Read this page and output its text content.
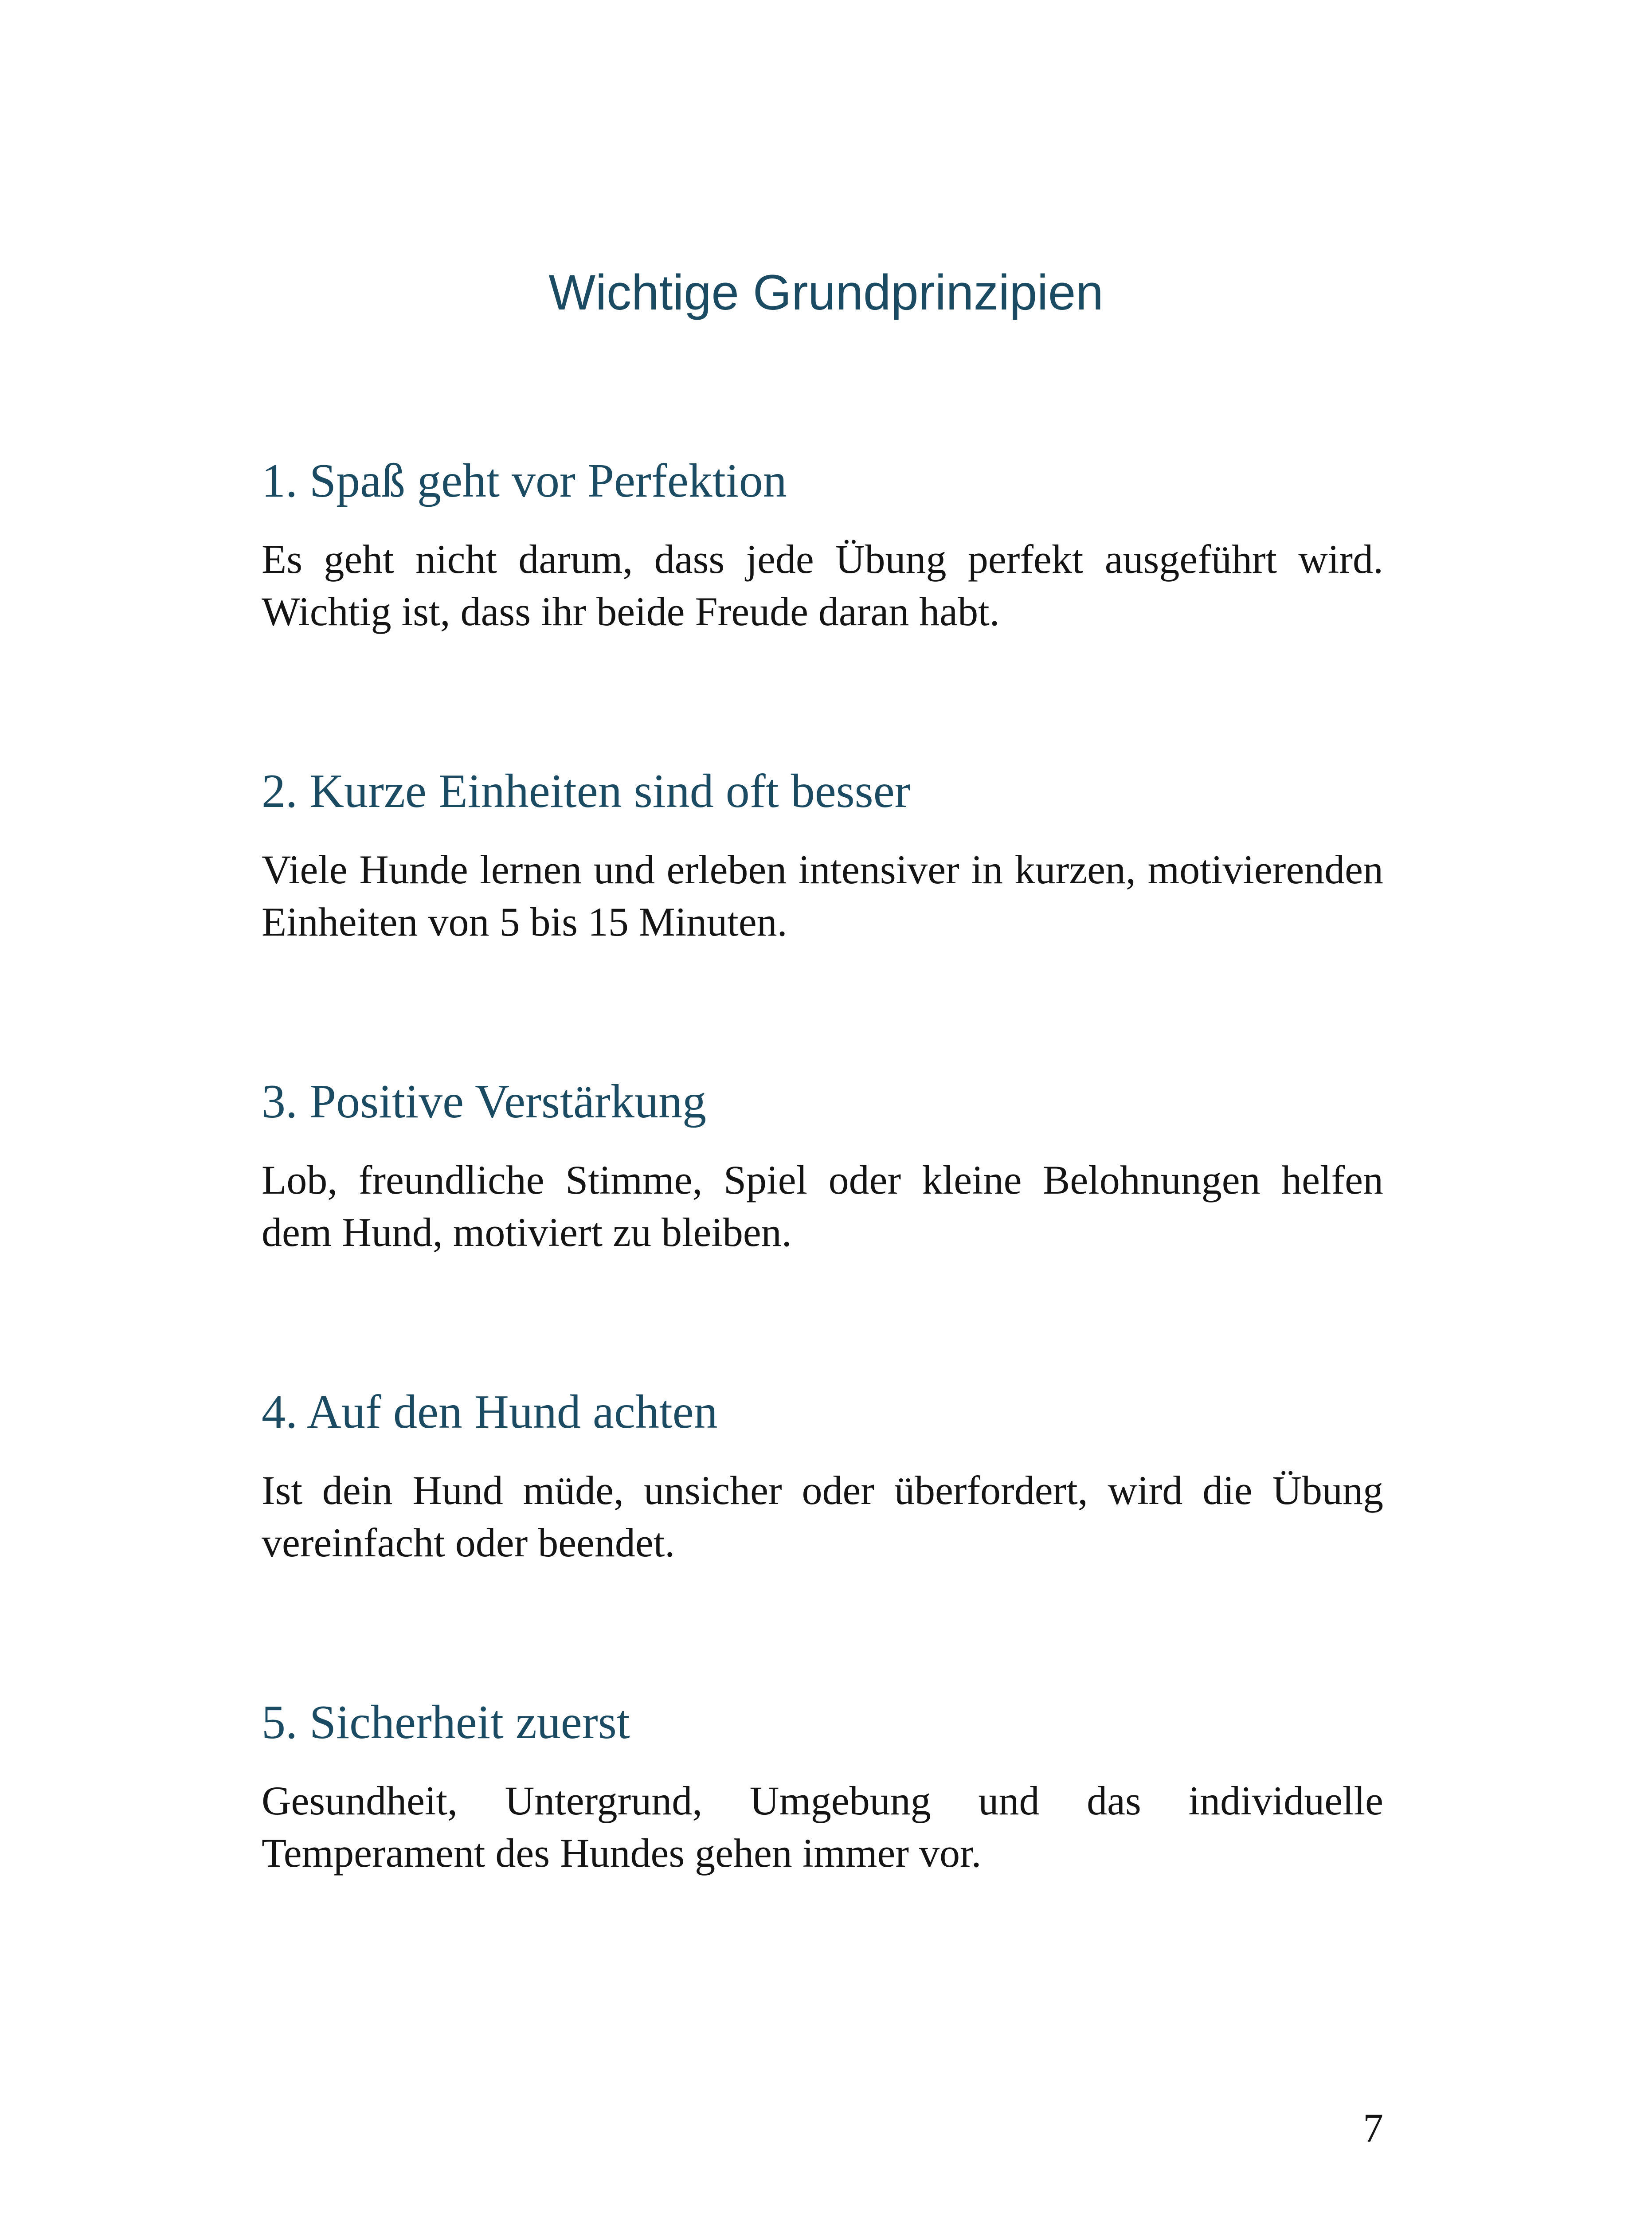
Wichtige Grundprinzipien
1. Spaß geht vor Perfektion

Es geht nicht darum, dass jede Übung perfekt ausgeführt wird. Wichtig ist, dass ihr beide Freude daran habt.

2. Kurze Einheiten sind oft besser

Viele Hunde lernen und erleben intensiver in kurzen, motivierenden Einheiten von 5 bis 15 Minuten.

3. Positive Verstärkung

Lob, freundliche Stimme, Spiel oder kleine Belohnungen helfen dem Hund, motiviert zu bleiben.

4. Auf den Hund achten

Ist dein Hund müde, unsicher oder überfordert, wird die Übung vereinfacht oder beendet.

5. Sicherheit zuerst

Gesundheit, Untergrund, Umgebung und das individuelle Temperament des Hundes gehen immer vor.

7
